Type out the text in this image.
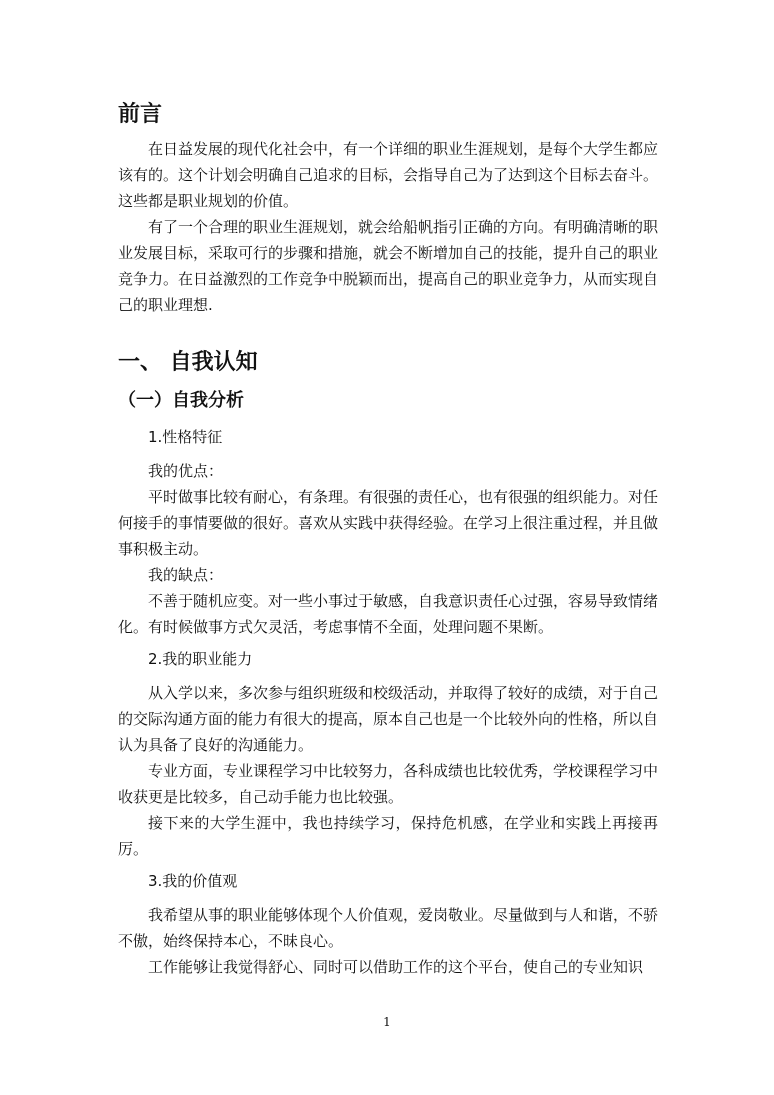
前言

在日益发展的现代化社会中，有一个详细的职业生涯规划，是每个大学生都应该有的。这个计划会明确自己追求的目标，会指导自己为了达到这个目标去奋斗。这些都是职业规划的价值。

有了一个合理的职业生涯规划，就会给船帆指引正确的方向。有明确清晰的职业发展目标，采取可行的步骤和措施，就会不断增加自己的技能，提升自己的职业竞争力。在日益激烈的工作竞争中脱颖而出，提高自己的职业竞争力，从而实现自己的职业理想.

一、 自我认知
（一）自我分析

1.性格特征

我的优点：

平时做事比较有耐心，有条理。有很强的责任心，也有很强的组织能力。对任何接手的事情要做的很好。喜欢从实践中获得经验。在学习上很注重过程，并且做事积极主动。

我的缺点：

不善于随机应变。对一些小事过于敏感，自我意识责任心过强，容易导致情绪化。有时候做事方式欠灵活，考虑事情不全面，处理问题不果断。

2.我的职业能力

从入学以来，多次参与组织班级和校级活动，并取得了较好的成绩，对于自己的交际沟通方面的能力有很大的提高，原本自己也是一个比较外向的性格，所以自认为具备了良好的沟通能力。

专业方面，专业课程学习中比较努力，各科成绩也比较优秀，学校课程学习中收获更是比较多，自己动手能力也比较强。

接下来的大学生涯中，我也持续学习，保持危机感，在学业和实践上再接再厉。

3.我的价值观

我希望从事的职业能够体现个人价值观，爱岗敬业。尽量做到与人和谐，不骄不傲，始终保持本心，不昧良心。

工作能够让我觉得舒心、同时可以借助工作的这个平台，使自己的专业知识

1
